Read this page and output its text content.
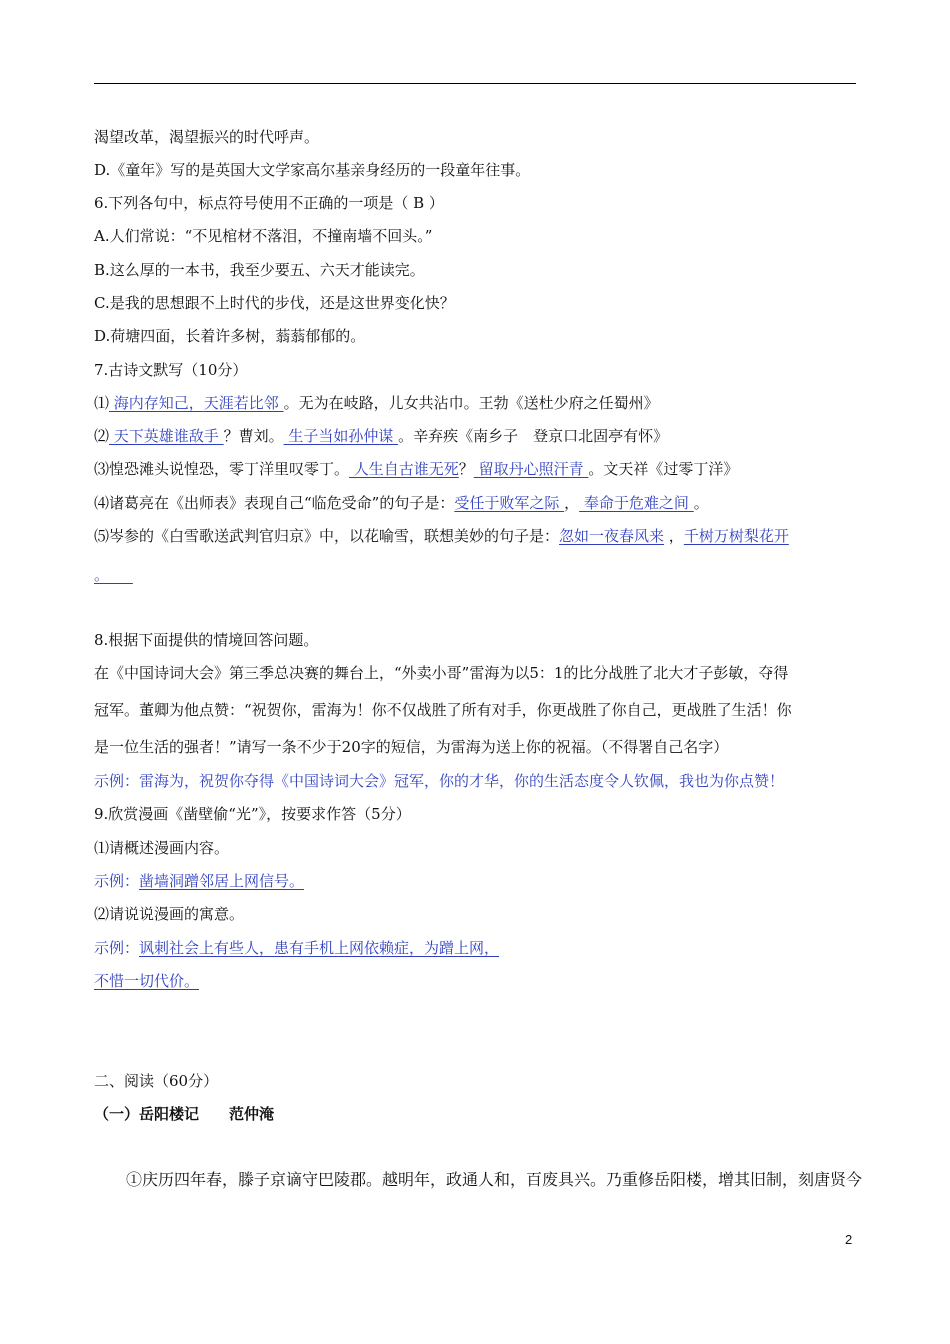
渴望改革，渴望振兴的时代呼声。
D.《童年》写的是英国大文学家高尔基亲身经历的一段童年往事。
6.下列各句中，标点符号使用不正确的一项是（ B ）
A.人们常说：“不见棺材不落泪，不撞南墙不回头。”
B.这么厚的一本书，我至少要五、六天才能读完。
C.是我的思想跟不上时代的步伐，还是这世界变化快？
D.荷塘四面，长着许多树，蓊蓊郁郁的。
7.古诗文默写（10分）
⑴ 海内存知己，天涯若比邻 。无为在岐路，儿女共沾巾。王勃《送杜少府之任蜀州》
⑵ 天下英雄谁敌手 ？曹刘。 生子当如孙仲谋 。辛弃疾《南乡子　登京口北固亭有怀》
⑶惶恐滩头说惶恐，零丁洋里叹零丁。 人生自古谁无死？ 留取丹心照汗青 。文天祥《过零丁洋》
⑷诸葛亮在《出师表》表现自己“临危受命”的句子是：受任于败军之际 ， 奉命于危难之间 。
⑸岑参的《白雪歌送武判官归京》中，以花喻雪，联想美妙的句子是：忽如一夜春风来 ，千树万树梨花开
。
8.根据下面提供的情境回答问题。
在《中国诗词大会》第三季总决赛的舞台上，“外卖小哥”雷海为以5：1的比分战胜了北大才子彭敏，夺得
冠军。董卿为他点赞：“祝贺你，雷海为！你不仅战胜了所有对手，你更战胜了你自己，更战胜了生活！你
是一位生活的强者！”请写一条不少于20字的短信，为雷海为送上你的祝福。（不得署自己名字）
示例：雷海为，祝贺你夺得《中国诗词大会》冠军，你的才华，你的生活态度令人钦佩，我也为你点赞！
9.欣赏漫画《凿壁偷“光”》，按要求作答（5分）
⑴请概述漫画内容。
示例：凿墙洞蹭邻居上网信号。
⑵请说说漫画的寓意。
示例：讽刺社会上有些人，患有手机上网依赖症，为蹭上网，
不惜一切代价。
二、阅读（60分）
（一）岳阳楼记　　范仲淹
①庆历四年春，滕子京谪守巴陵郡。越明年，政通人和，百废具兴。乃重修岳阳楼，增其旧制，刻唐贤今
2
